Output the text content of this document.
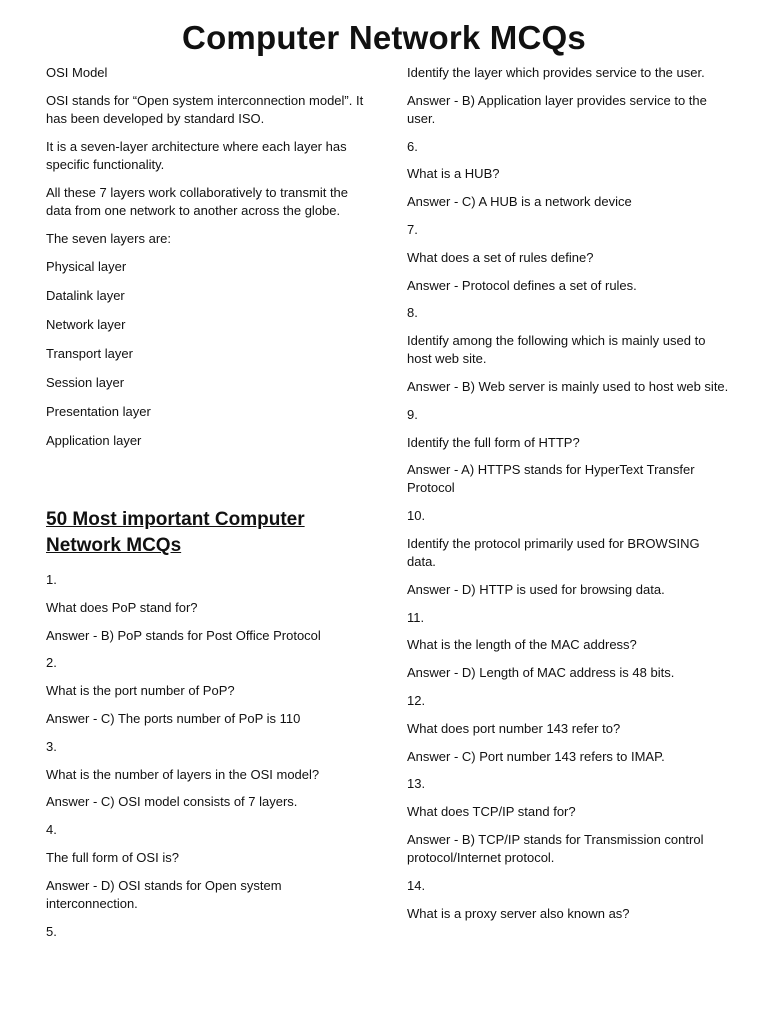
Computer Network MCQs

OSI Model

OSI stands for “Open system interconnection model”. It has been developed by standard ISO.

It is a seven-layer architecture where each layer has specific functionality.

All these 7 layers work collaboratively to transmit the data from one network to another across the globe.

The seven layers are:

Physical layer

Datalink layer

Network layer

Transport layer

Session layer

Presentation layer

Application layer

50 Most important Computer Network MCQs

1.

What does PoP stand for?

Answer - B) PoP stands for Post Office Protocol

2.

What is the port number of PoP?

Answer - C) The ports number of PoP is 110

3.

What is the number of layers in the OSI model?

Answer - C) OSI model consists of 7 layers.

4.

The full form of OSI is?

Answer - D) OSI stands for Open system interconnection.

5.

Identify the layer which provides service to the user.

Answer - B) Application layer provides service to the user.

6.

What is a HUB?

Answer - C) A HUB is a network device

7.

What does a set of rules define?

Answer - Protocol defines a set of rules.

8.

Identify among the following which is mainly used to host web site.

Answer - B) Web server is mainly used to host web site.

9.

Identify the full form of HTTP?

Answer - A) HTTPS stands for HyperText Transfer Protocol

10.

Identify the protocol primarily used for BROWSING data.

Answer - D) HTTP is used for browsing data.

11.

What is the length of the MAC address?

Answer - D) Length of MAC address is 48 bits.

12.

What does port number 143 refer to?

Answer - C) Port number 143 refers to IMAP.

13.

What does TCP/IP stand for?

Answer - B) TCP/IP stands for Transmission control protocol/Internet protocol.

14.

What is a proxy server also known as?
